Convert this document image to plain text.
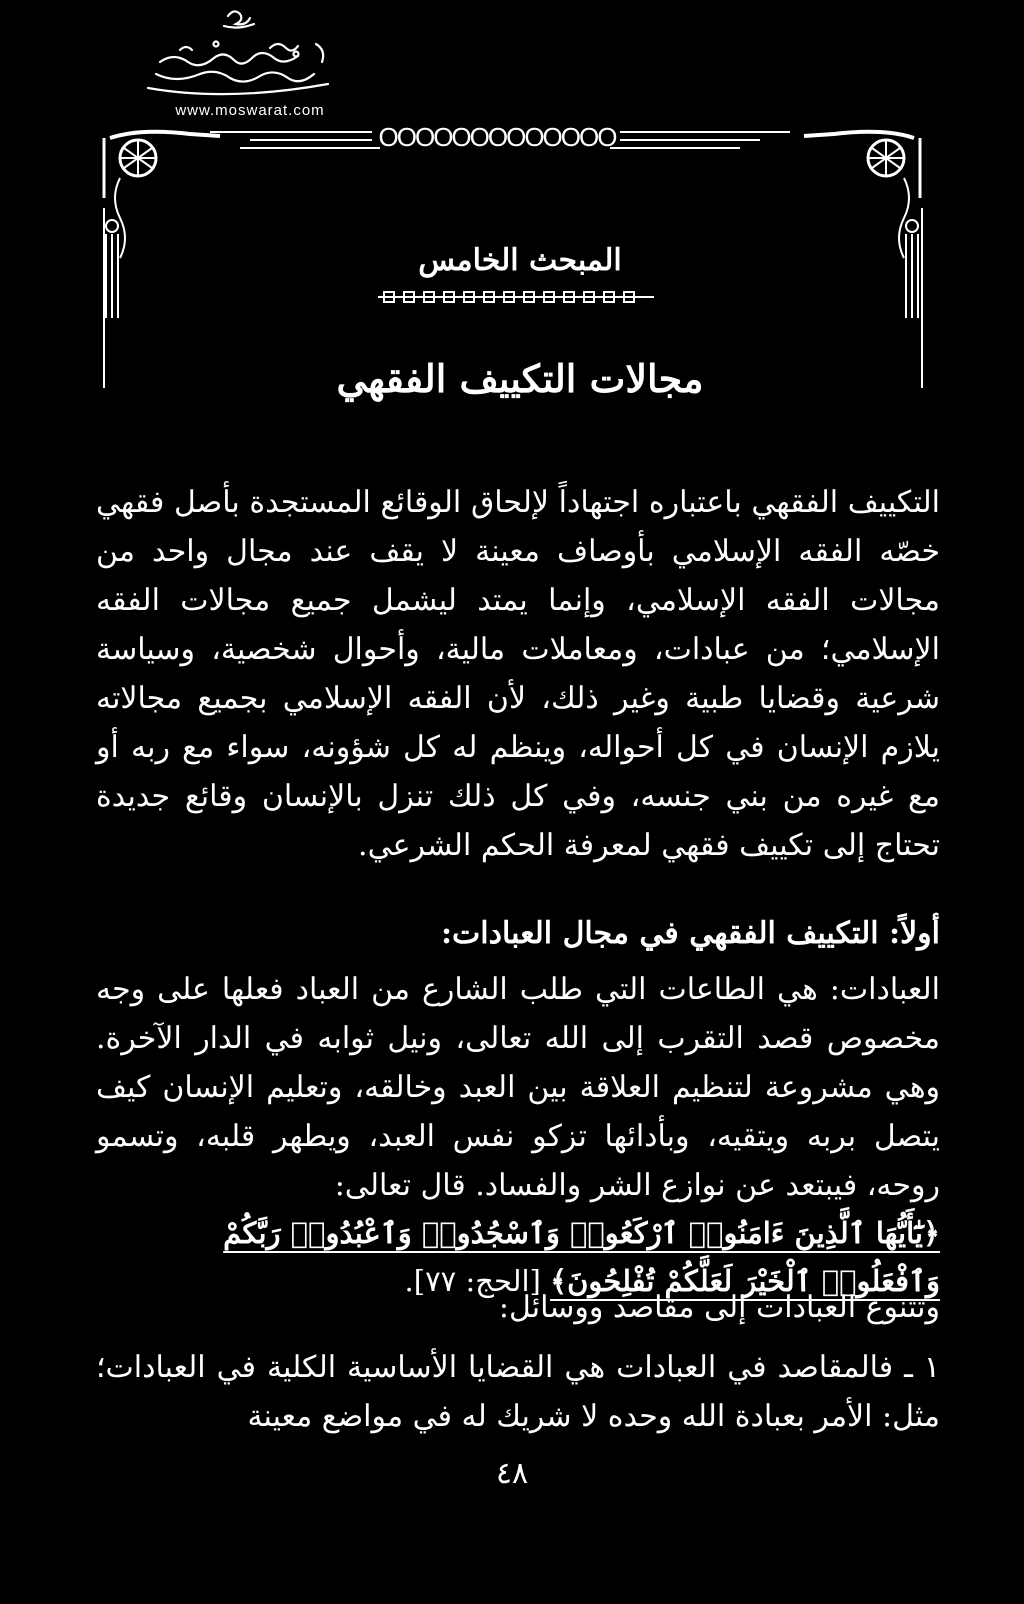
بد
www.moswarat.com
OOOOOOOOOOOOO
المبحث الخامس
مجالات التكييف الفقهي

التكييف الفقهي باعتباره اجتهاداً لإلحاق الوقائع المستجدة بأصل فقهي خصّه الفقه الإسلامي بأوصاف معينة لا يقف عند مجال واحد من مجالات الفقه الإسلامي، وإنما يمتد ليشمل جميع مجالات الفقه الإسلامي؛ من عبادات، ومعاملات مالية، وأحوال شخصية، وسياسة شرعية وقضايا طبية وغير ذلك، لأن الفقه الإسلامي بجميع مجالاته يلازم الإنسان في كل أحواله، وينظم له كل شؤونه، سواء مع ربه أو مع غيره من بني جنسه، وفي كل ذلك تنزل بالإنسان وقائع جديدة تحتاج إلى تكييف فقهي لمعرفة الحكم الشرعي.

أولاً: التكييف الفقهي في مجال العبادات:

العبادات: هي الطاعات التي طلب الشارع من العباد فعلها على وجه مخصوص قصد التقرب إلى الله تعالى، ونيل ثوابه في الدار الآخرة. وهي مشروعة لتنظيم العلاقة بين العبد وخالقه، وتعليم الإنسان كيف يتصل بربه ويتقيه، وبأدائها تزكو نفس العبد، ويطهر قلبه، وتسمو روحه، فيبتعد عن نوازع الشر والفساد. قال تعالى:

﴿يَٰٓأَيُّهَا ٱلَّذِينَ ءَامَنُوا۟ ٱرْكَعُوا۟ وَٱسْجُدُوا۟ وَٱعْبُدُوا۟ رَبَّكُمْ وَٱفْعَلُوا۟ ٱلْخَيْرَ لَعَلَّكُمْ تُفْلِحُونَ﴾ [الحج: ٧٧].

وتتنوع العبادات إلى مقاصد ووسائل:

١ ـ فالمقاصد في العبادات هي القضايا الأساسية الكلية في العبادات؛ مثل: الأمر بعبادة الله وحده لا شريك له في مواضع معينة

٤٨
